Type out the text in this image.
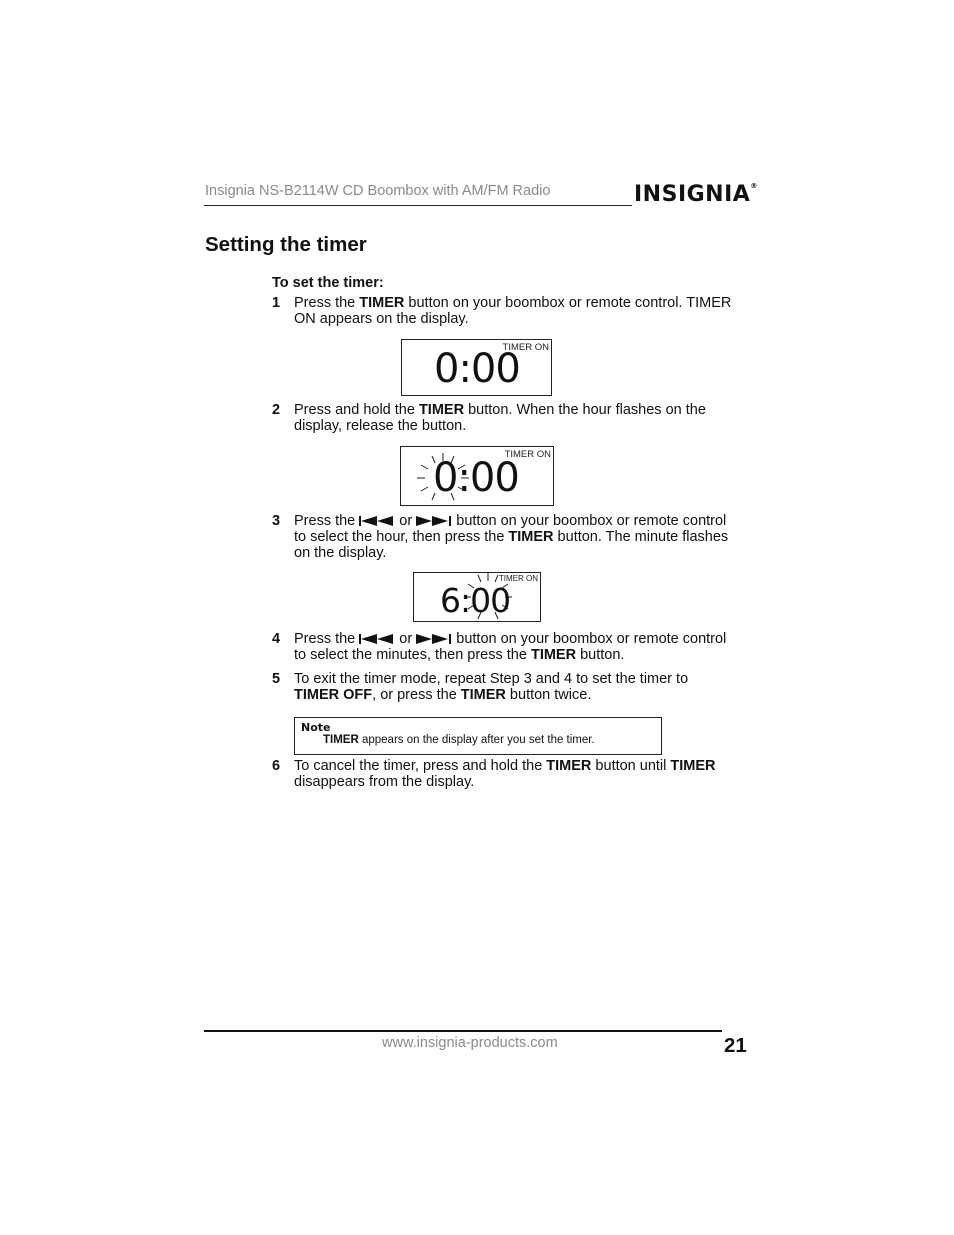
Insignia NS-B2114W CD Boombox with AM/FM Radio	INSIGNIA®
Setting the timer
To set the timer:
1 Press the TIMER button on your boombox or remote control. TIMER ON appears on the display.
TIMER ON
0:00
2 Press and hold the TIMER button. When the hour flashes on the display, release the button.
TIMER ON
0:00
3 Press the  or  button on your boombox or remote control to select the hour, then press the TIMER button. The minute flashes on the display.
TIMER ON
6:00
4 Press the  or  button on your boombox or remote control to select the minutes, then press the TIMER button.
5 To exit the timer mode, repeat Step 3 and 4 to set the timer to TIMER OFF, or press the TIMER button twice.
Note
TIMER appears on the display after you set the timer.
6 To cancel the timer, press and hold the TIMER button until TIMER disappears from the display.
www.insignia-products.com	21
